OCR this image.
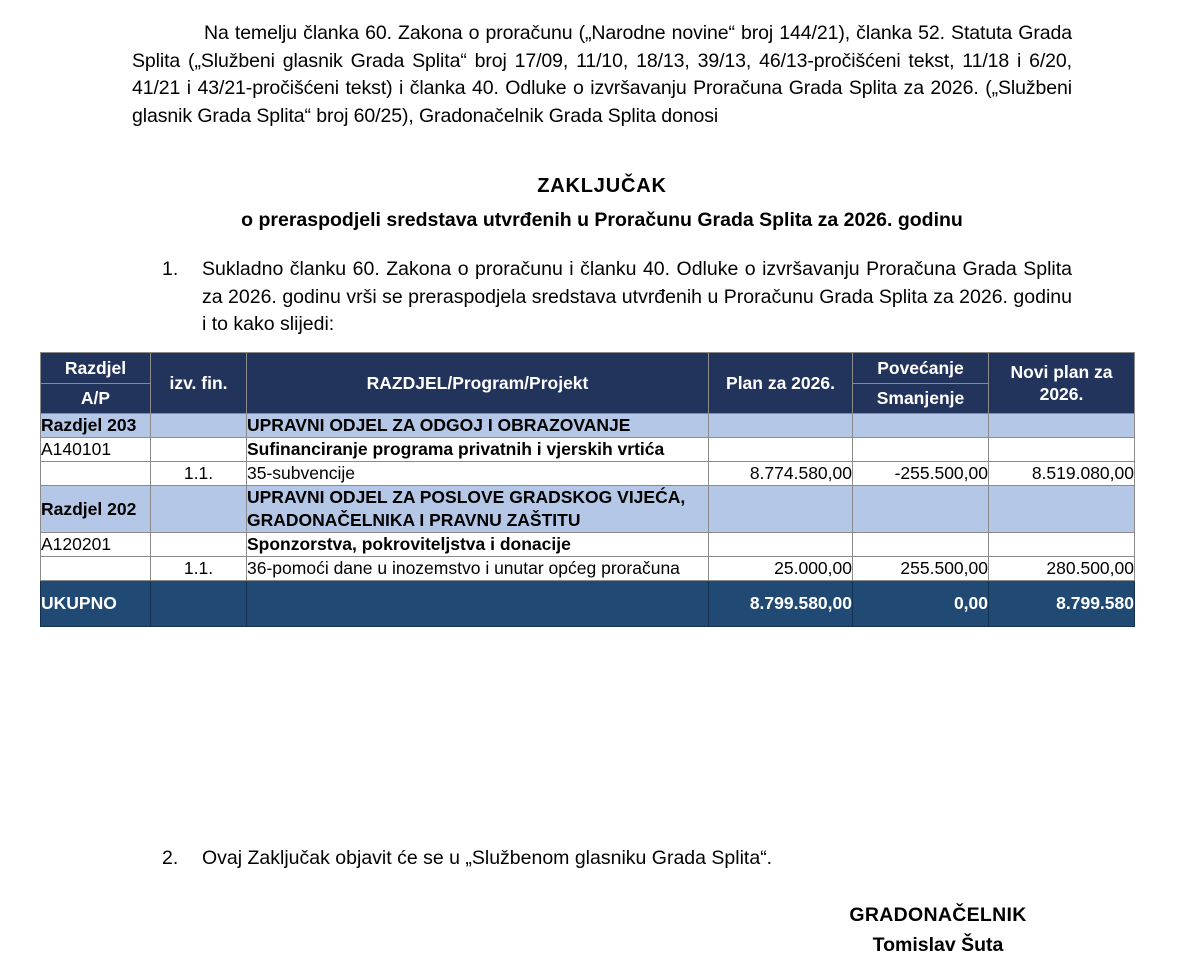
Na temelju članka 60. Zakona o proračunu („Narodne novine“ broj 144/21), članka 52. Statuta Grada Splita („Službeni glasnik Grada Splita“ broj 17/09, 11/10, 18/13, 39/13, 46/13-pročišćeni tekst, 11/18 i 6/20, 41/21 i 43/21-pročišćeni tekst) i članka 40. Odluke o izvršavanju Proračuna Grada Splita za 2026. („Službeni glasnik Grada Splita“ broj 60/25), Gradonačelnik Grada Splita donosi
ZAKLJUČAK
o preraspodjeli sredstava utvrđenih u Proračunu Grada Splita za 2026. godinu
1.	Sukladno članku 60. Zakona o proračunu i članku 40. Odluke o izvršavanju Proračuna Grada Splita za 2026. godinu vrši se preraspodjela sredstava utvrđenih u Proračunu Grada Splita za 2026. godinu i to kako slijedi:
Razdjel	izv. fin.	RAZDJEL/Program/Projekt	Plan za 2026.	Povećanje	Novi plan za 2026.
A/P				Smanjenje	
Razdjel 203		UPRAVNI ODJEL ZA ODGOJ I OBRAZOVANJE			
A140101		Sufinanciranje programa privatnih i vjerskih vrtića			
	1.1.	35-subvencije	8.774.580,00	-255.500,00	8.519.080,00
Razdjel 202		UPRAVNI ODJEL ZA POSLOVE GRADSKOG VIJEĆA, GRADONAČELNIKA I PRAVNU ZAŠTITU			
A120201		Sponzorstva, pokroviteljstva i donacije			
	1.1.	36-pomoći dane u inozemstvo i unutar općeg proračuna	25.000,00	255.500,00	280.500,00
UKUPNO			8.799.580,00	0,00	8.799.580
2.	Ovaj Zaključak objavit će se u „Službenom glasniku Grada Splita“.
GRADONAČELNIK
Tomislav Šuta
